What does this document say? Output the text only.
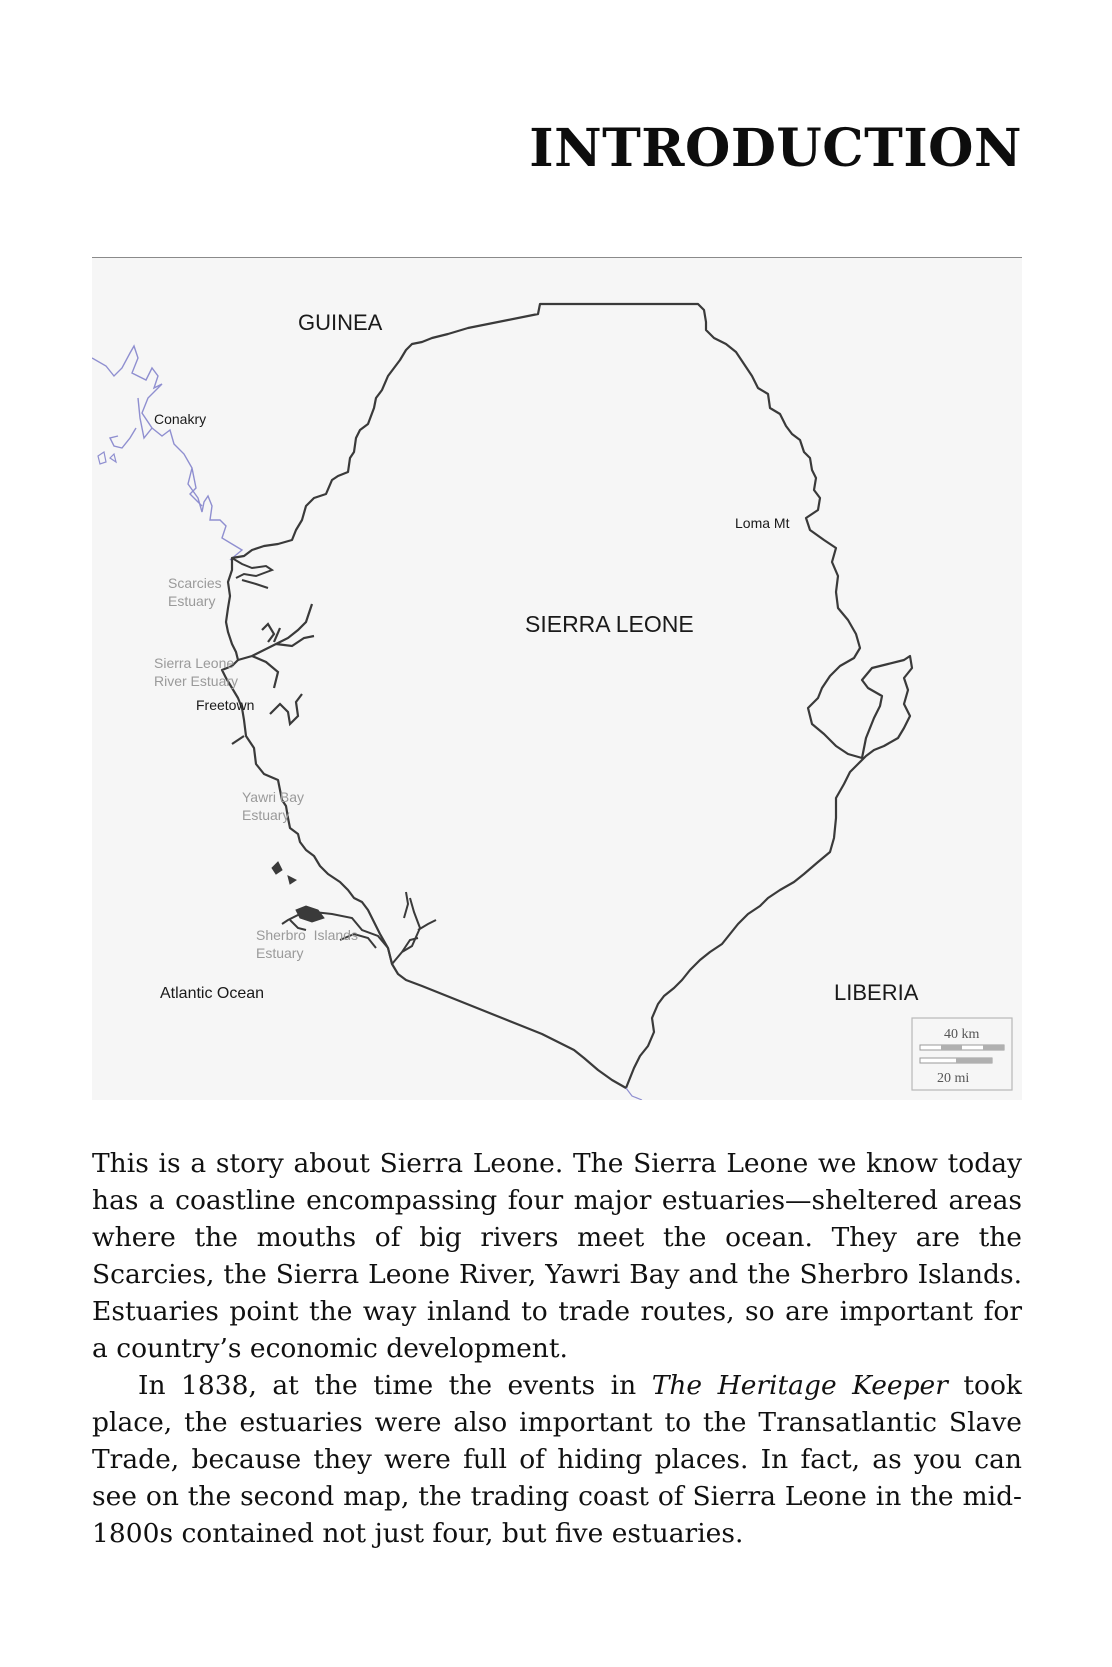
INTRODUCTION
GUINEA
Conakry
Loma Mt
SIERRA LEONE
Scarcies
Estuary
Sierra Leone
River Estuary
Freetown
Yawri Bay
Estuary
Sherbro  Islands
Estuary
Atlantic Ocean	LIBERIA
40 km
20 mi

This is a story about Sierra Leone. The Sierra Leone we know today has a coastline encompassing four major estuaries—sheltered areas where the mouths of big rivers meet the ocean. They are the Scarcies, the Sierra Leone River, Yawri Bay and the Sherbro Islands. Estuaries point the way inland to trade routes, so are important for a country’s economic development.

In 1838, at the time the events in The Heritage Keeper took place, the estuaries were also important to the Transatlantic Slave Trade, because they were full of hiding places. In fact, as you can see on the second map, the trading coast of Sierra Leone in the mid-1800s contained not just four, but five estuaries.
